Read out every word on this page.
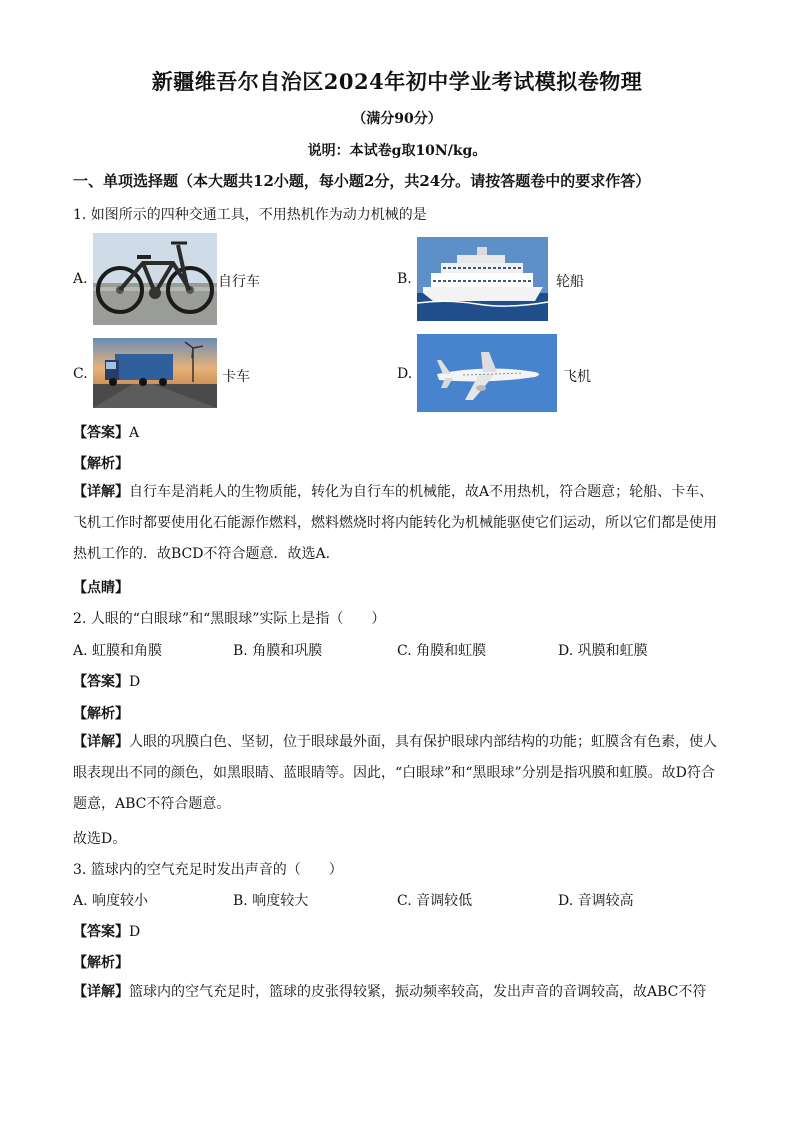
新疆维吾尔自治区2024年初中学业考试模拟卷物理
（满分90分）
说明：本试卷g取10N/kg。
一、单项选择题（本大题共12小题，每小题2分，共24分。请按答题卷中的要求作答）
1. 如图所示的四种交通工具，不用热机作为动力机械的是
A.	自行车	B.	轮船
C.	卡车	D.	飞机
【答案】A
【解析】
【详解】自行车是消耗人的生物质能，转化为自行车的机械能，故A不用热机，符合题意；轮船、卡车、飞机工作时都要使用化石能源作燃料，燃料燃烧时将内能转化为机械能驱使它们运动，所以它们都是使用热机工作的．故BCD不符合题意．故选A.
【点睛】
2. 人眼的“白眼球”和“黑眼球”实际上是指（　　）
A. 虹膜和角膜	B. 角膜和巩膜	C. 角膜和虹膜	D. 巩膜和虹膜
【答案】D
【解析】
【详解】人眼的巩膜白色、坚韧，位于眼球最外面，具有保护眼球内部结构的功能；虹膜含有色素，使人眼表现出不同的颜色，如黑眼睛、蓝眼睛等。因此，“白眼球”和“黑眼球”分别是指巩膜和虹膜。故D符合题意，ABC不符合题意。
故选D。
3. 篮球内的空气充足时发出声音的（　　）
A. 响度较小	B. 响度较大	C. 音调较低	D. 音调较高
【答案】D
【解析】
【详解】篮球内的空气充足时，篮球的皮张得较紧，振动频率较高，发出声音的音调较高，故ABC不符
